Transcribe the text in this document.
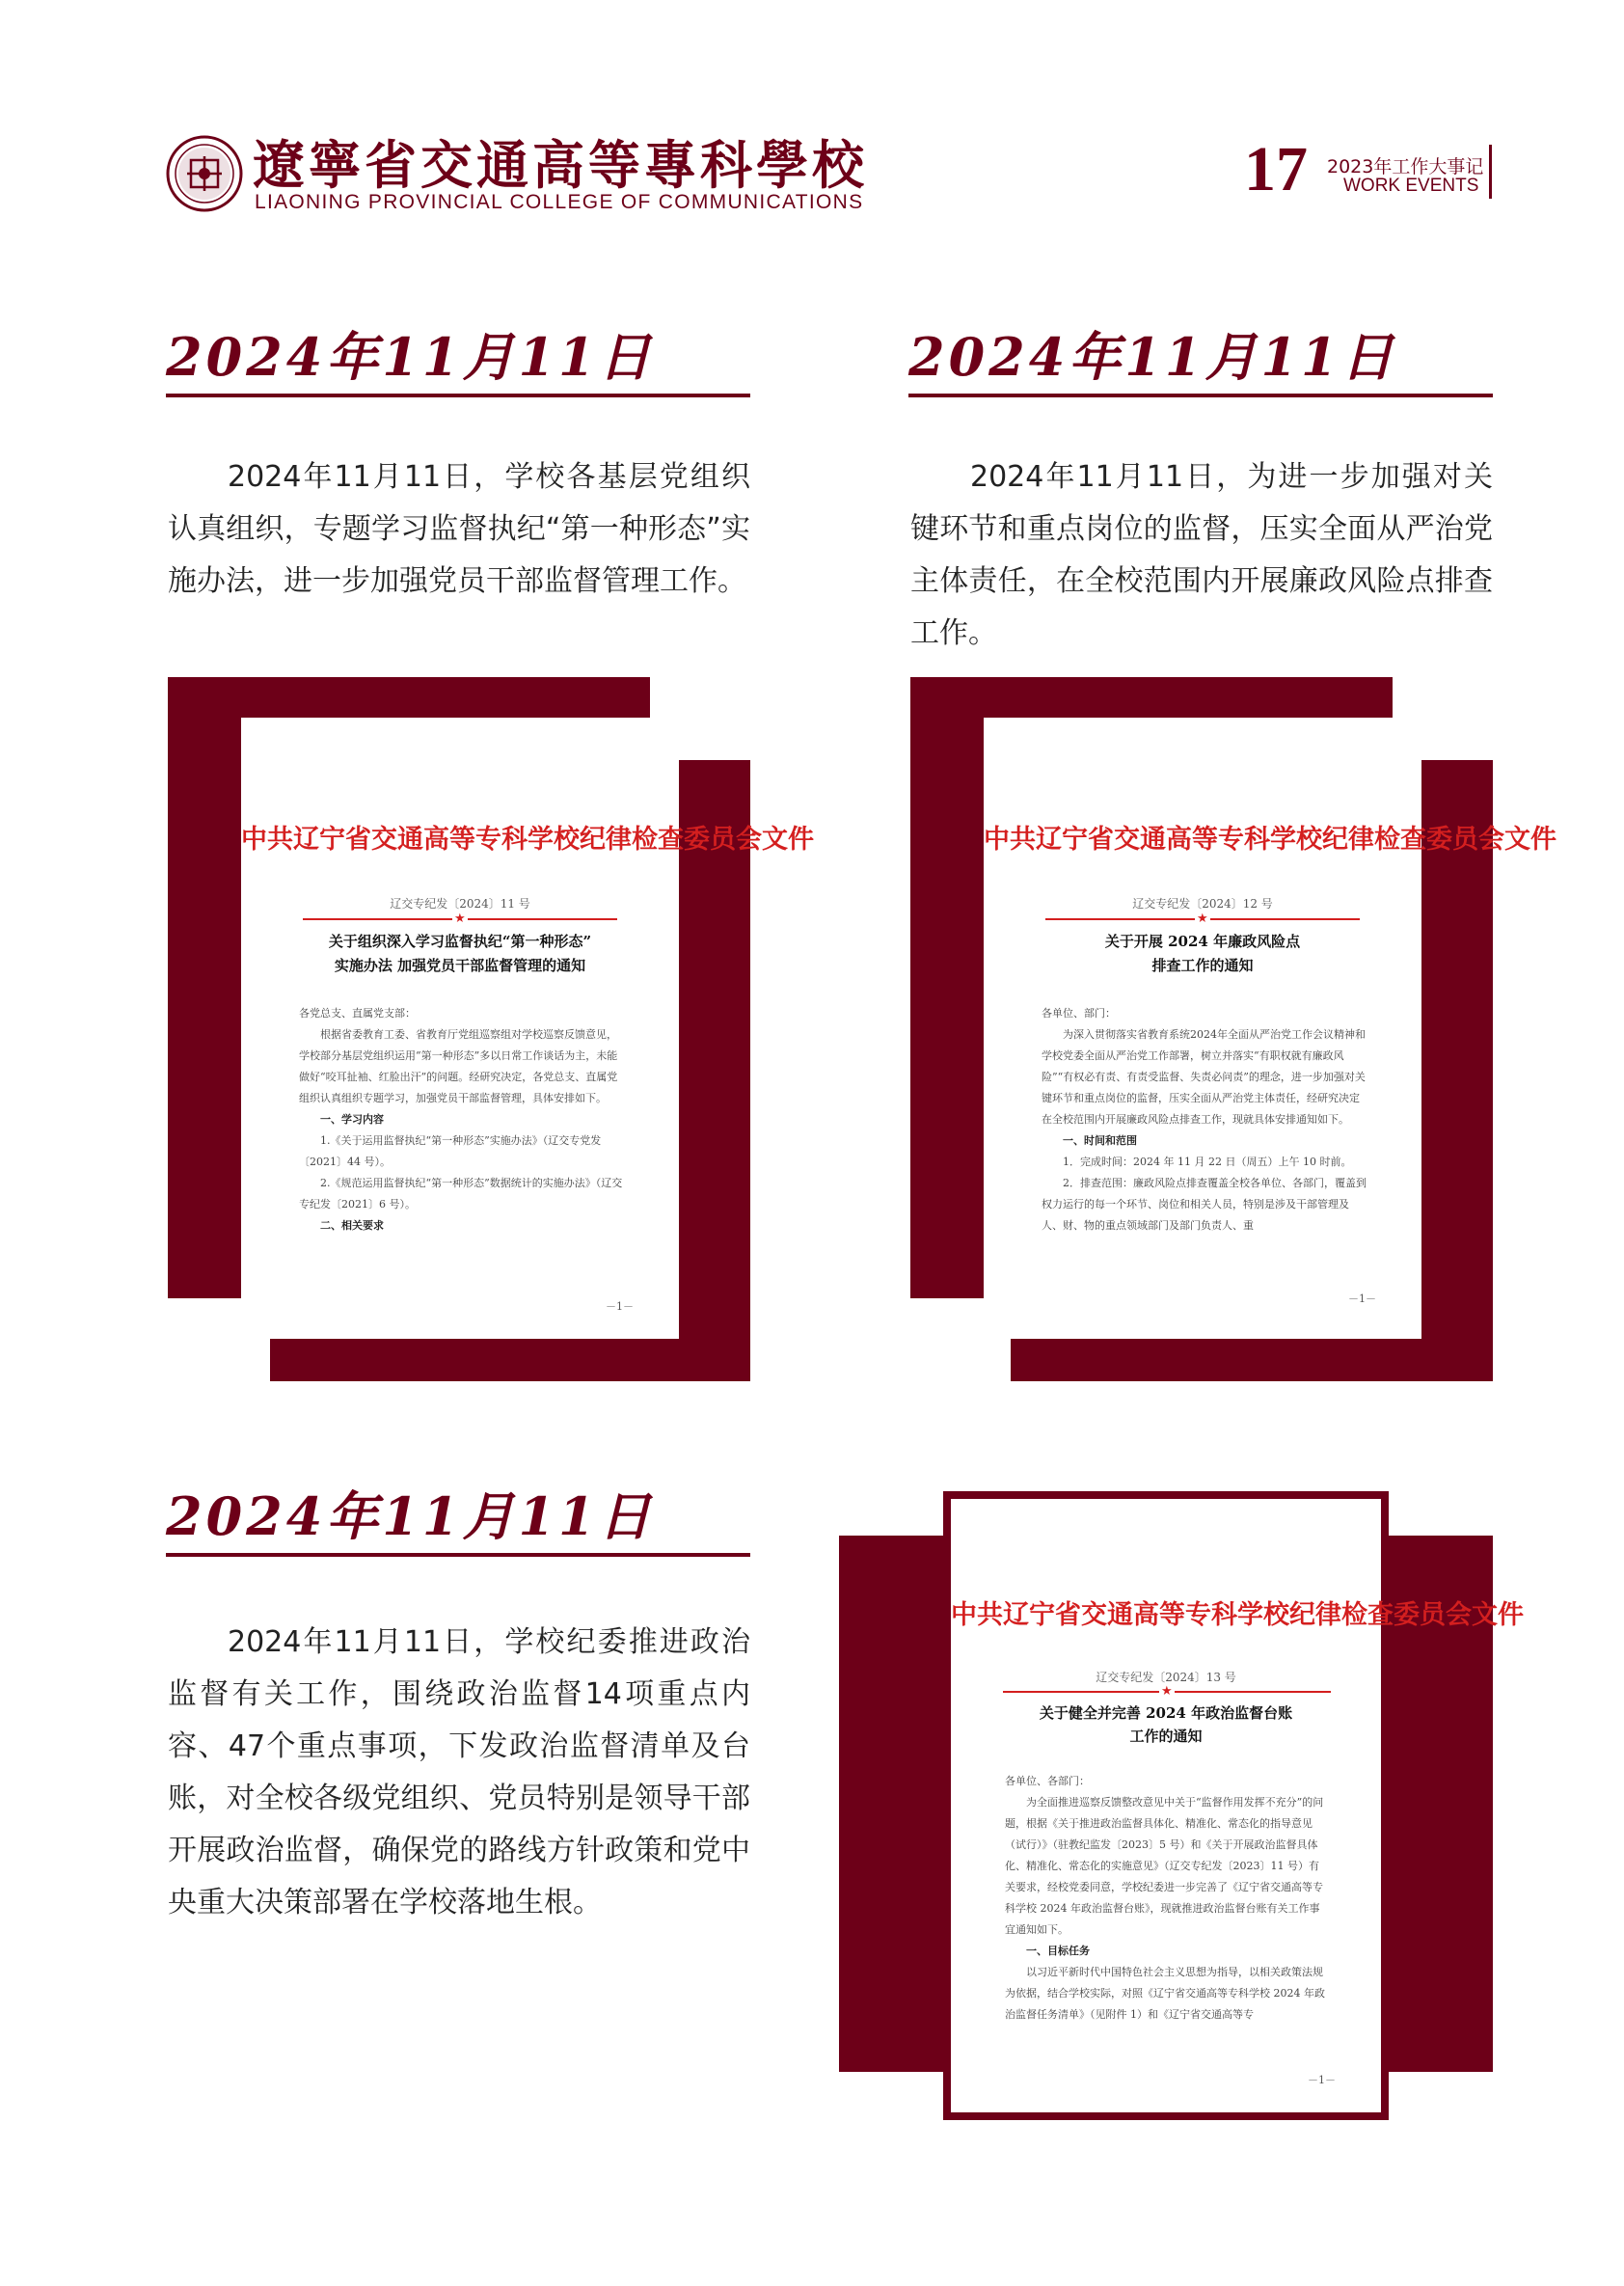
遼寧省交通高等專科學校
LIAONING PROVINCIAL COLLEGE OF COMMUNICATIONS	17 2023年工作大事记
WORK EVENTS
2024年11月11日

2024年11月11日，学校各基层党组织认真组织，专题学习监督执纪“第一种形态”实施办法，进一步加强党员干部监督管理工作。

中共辽宁省交通高等专科学校纪律检查委员会文件
辽交专纪发〔2024〕11 号
★
关于组织深入学习监督执纪“第一种形态”
实施办法 加强党员干部监督管理的通知

各党总支、直属党支部：

根据省委教育工委、省教育厅党组巡察组对学校巡察反馈意见，学校部分基层党组织运用“第一种形态”多以日常工作谈话为主，未能做好“咬耳扯袖、红脸出汗”的问题。经研究决定，各党总支、直属党组织认真组织专题学习，加强党员干部监督管理，具体安排如下。

一、学习内容

1.《关于运用监督执纪“第一种形态”实施办法》（辽交专党发〔2021〕44 号）。

2.《规范运用监督执纪“第一种形态”数据统计的实施办法》（辽交专纪发〔2021〕6 号）。

二、相关要求

－1－
2024年11月11日

2024年11月11日，为进一步加强对关键环节和重点岗位的监督，压实全面从严治党主体责任，在全校范围内开展廉政风险点排查工作。

中共辽宁省交通高等专科学校纪律检查委员会文件
辽交专纪发〔2024〕12 号
★
关于开展 2024 年廉政风险点
排查工作的通知

各单位、部门：

为深入贯彻落实省教育系统2024年全面从严治党工作会议精神和学校党委全面从严治党工作部署，树立并落实“有职权就有廉政风险”“有权必有责、有责受监督、失责必问责”的理念，进一步加强对关键环节和重点岗位的监督，压实全面从严治党主体责任，经研究决定在全校范围内开展廉政风险点排查工作，现就具体安排通知如下。

一、时间和范围

1．完成时间：2024 年 11 月 22 日（周五）上午 10 时前。

2．排查范围：廉政风险点排查覆盖全校各单位、各部门，覆盖到权力运行的每一个环节、岗位和相关人员，特别是涉及干部管理及人、财、物的重点领域部门及部门负责人、重

－1－
2024年11月11日

2024年11月11日，学校纪委推进政治监督有关工作，围绕政治监督14项重点内容、47个重点事项，下发政治监督清单及台账，对全校各级党组织、党员特别是领导干部开展政治监督，确保党的路线方针政策和党中央重大决策部署在学校落地生根。

中共辽宁省交通高等专科学校纪律检查委员会文件
辽交专纪发〔2024〕13 号
★
关于健全并完善 2024 年政治监督台账
工作的通知

各单位、各部门：

为全面推进巡察反馈整改意见中关于“监督作用发挥不充分”的问题，根据《关于推进政治监督具体化、精准化、常态化的指导意见（试行）》（驻教纪监发〔2023〕5 号）和《关于开展政治监督具体化、精准化、常态化的实施意见》（辽交专纪发〔2023〕11 号）有关要求，经校党委同意，学校纪委进一步完善了《辽宁省交通高等专科学校 2024 年政治监督台账》，现就推进政治监督台账有关工作事宜通知如下。

一、目标任务

以习近平新时代中国特色社会主义思想为指导，以相关政策法规为依据，结合学校实际，对照《辽宁省交通高等专科学校 2024 年政治监督任务清单》（见附件 1）和《辽宁省交通高等专

－1－
